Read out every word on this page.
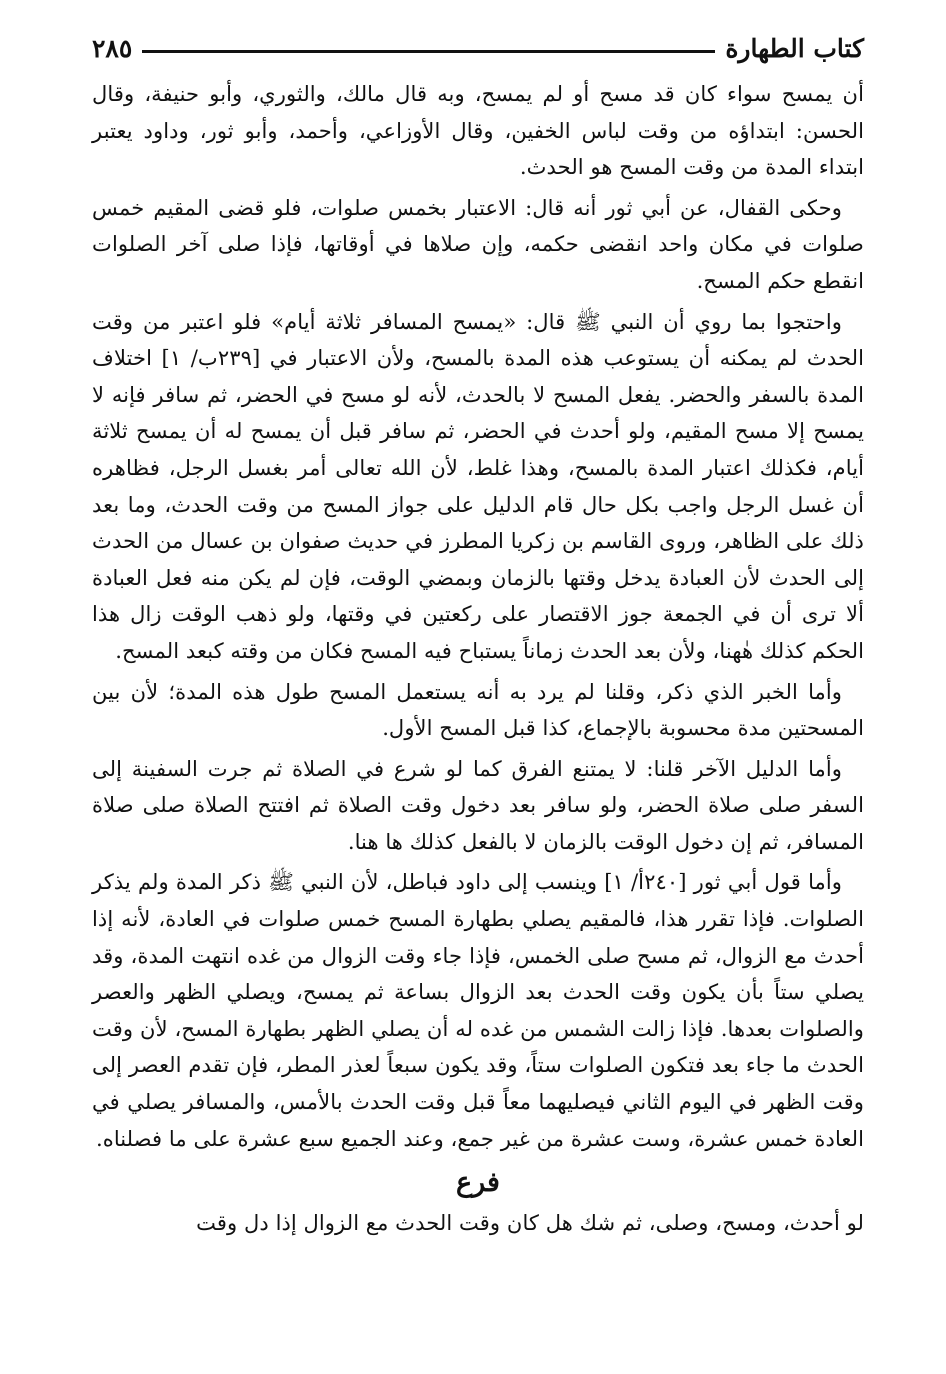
كتاب الطهارة
٢٨٥

أن يمسح سواء كان قد مسح أو لم يمسح، وبه قال مالك، والثوري، وأبو حنيفة، وقال الحسن: ابتداؤه من وقت لباس الخفين، وقال الأوزاعي، وأحمد، وأبو ثور، وداود يعتبر ابتداء المدة من وقت المسح هو الحدث.

وحكى القفال، عن أبي ثور أنه قال: الاعتبار بخمس صلوات، فلو قضى المقيم خمس صلوات في مكان واحد انقضى حكمه، وإن صلاها في أوقاتها، فإذا صلى آخر الصلوات انقطع حكم المسح.

واحتجوا بما روي أن النبي ﷺ قال: «يمسح المسافر ثلاثة أيام» فلو اعتبر من وقت الحدث لم يمكنه أن يستوعب هذه المدة بالمسح، ولأن الاعتبار في [٢٣٩ب/ ١] اختلاف المدة بالسفر والحضر. يفعل المسح لا بالحدث، لأنه لو مسح في الحضر، ثم سافر فإنه لا يمسح إلا مسح المقيم، ولو أحدث في الحضر، ثم سافر قبل أن يمسح له أن يمسح ثلاثة أيام، فكذلك اعتبار المدة بالمسح، وهذا غلط، لأن الله تعالى أمر بغسل الرجل، فظاهره أن غسل الرجل واجب بكل حال قام الدليل على جواز المسح من وقت الحدث، وما بعد ذلك على الظاهر، وروى القاسم بن زكريا المطرز في حديث صفوان بن عسال من الحدث إلى الحدث لأن العبادة يدخل وقتها بالزمان وبمضي الوقت، فإن لم يكن منه فعل العبادة ألا ترى أن في الجمعة جوز الاقتصار على ركعتين في وقتها، ولو ذهب الوقت زال هذا الحكم كذلك هٰهنا، ولأن بعد الحدث زماناً يستباح فيه المسح فكان من وقته كبعد المسح.

وأما الخبر الذي ذكر، وقلنا لم يرد به أنه يستعمل المسح طول هذه المدة؛ لأن بين المسحتين مدة محسوبة بالإجماع، كذا قبل المسح الأول.

وأما الدليل الآخر قلنا: لا يمتنع الفرق كما لو شرع في الصلاة ثم جرت السفينة إلى السفر صلى صلاة الحضر، ولو سافر بعد دخول وقت الصلاة ثم افتتح الصلاة صلى صلاة المسافر، ثم إن دخول الوقت بالزمان لا بالفعل كذلك ها هنا.

وأما قول أبي ثور [٢٤٠أ/ ١] وينسب إلى داود فباطل، لأن النبي ﷺ ذكر المدة ولم يذكر الصلوات. فإذا تقرر هذا، فالمقيم يصلي بطهارة المسح خمس صلوات في العادة، لأنه إذا أحدث مع الزوال، ثم مسح صلى الخمس، فإذا جاء وقت الزوال من غده انتهت المدة، وقد يصلي ستاً بأن يكون وقت الحدث بعد الزوال بساعة ثم يمسح، ويصلي الظهر والعصر والصلوات بعدها. فإذا زالت الشمس من غده له أن يصلي الظهر بطهارة المسح، لأن وقت الحدث ما جاء بعد فتكون الصلوات ستاً، وقد يكون سبعاً لعذر المطر، فإن تقدم العصر إلى وقت الظهر في اليوم الثاني فيصليهما معاً قبل وقت الحدث بالأمس، والمسافر يصلي في العادة خمس عشرة، وست عشرة من غير جمع، وعند الجميع سبع عشرة على ما فصلناه.

فرع

لو أحدث، ومسح، وصلى، ثم شك هل كان وقت الحدث مع الزوال إذا دل وقت
